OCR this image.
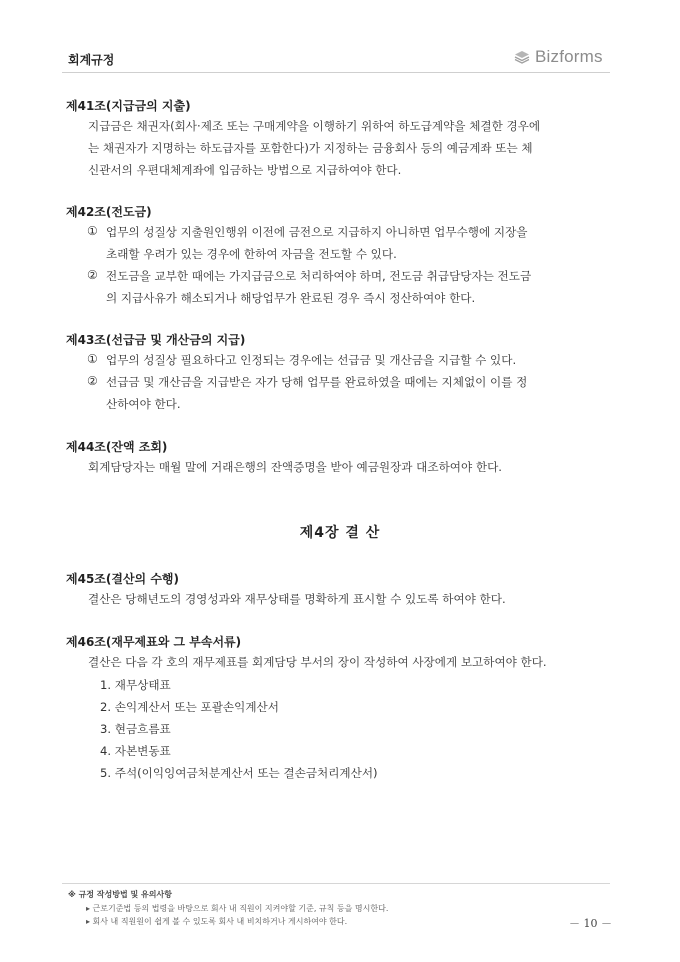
회계규정	Bizforms
제41조(지급금의 지출)
지급금은 채권자(회사·제조 또는 구매계약을 이행하기 위하여 하도급계약을 체결한 경우에
는 채권자가 지명하는 하도급자를 포함한다)가 지정하는 금융회사 등의 예금계좌 또는 체
신관서의 우편대체계좌에 입금하는 방법으로 지급하여야 한다.
제42조(전도금)
① 업무의 성질상 지출원인행위 이전에 금전으로 지급하지 아니하면 업무수행에 지장을
초래할 우려가 있는 경우에 한하여 자금을 전도할 수 있다.
② 전도금을 교부한 때에는 가지급금으로 처리하여야 하며, 전도금 취급담당자는 전도금
의 지급사유가 해소되거나 해당업무가 완료된 경우 즉시 정산하여야 한다.
제43조(선급금 및 개산금의 지급)
① 업무의 성질상 필요하다고 인정되는 경우에는 선급금 및 개산금을 지급할 수 있다.
② 선급금 및 개산금을 지급받은 자가 당해 업무를 완료하였을 때에는 지체없이 이를 정
산하여야 한다.
제44조(잔액 조회)
회계담당자는 매월 말에 거래은행의 잔액증명을 받아 예금원장과 대조하여야 한다.
제4장 결 산
제45조(결산의 수행)
결산은 당해년도의 경영성과와 재무상태를 명확하게 표시할 수 있도록 하여야 한다.
제46조(재무제표와 그 부속서류)
결산은 다음 각 호의 재무제표를 회계담당 부서의 장이 작성하여 사장에게 보고하여야 한다.
1. 재무상태표
2. 손익계산서 또는 포괄손익계산서
3. 현금흐름표
4. 자본변동표
5. 주석(이익잉여금처분계산서 또는 결손금처리계산서)
※ 규정 작성방법 및 유의사항
▸ 근로기준법 등의 법령을 바탕으로 회사 내 직원이 지켜야할 기준, 규칙 등을 명시한다.
▸ 회사 내 직원원이 쉽게 볼 수 있도록 회사 내 비치하거나 게시하여야 한다.	－ 10 －
